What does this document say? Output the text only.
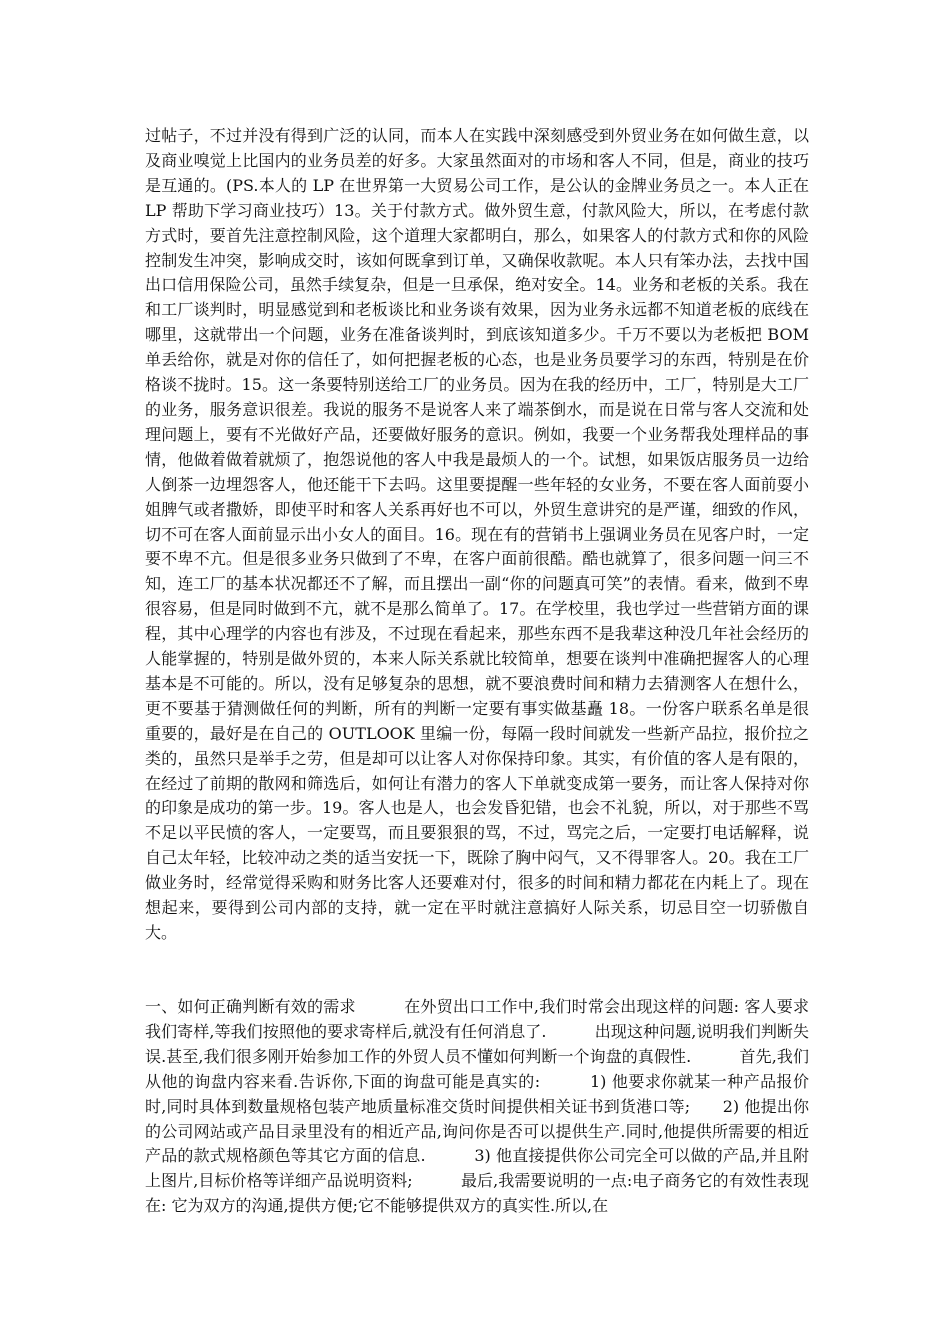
过帖子，不过并没有得到广泛的认同，而本人在实践中深刻感受到外贸业务在如何做生意，以及商业嗅觉上比国内的业务员差的好多。大家虽然面对的市场和客人不同，但是，商业的技巧是互通的。(PS.本人的 LP 在世界第一大贸易公司工作，是公认的金牌业务员之一。本人正在 LP 帮助下学习商业技巧）13。关于付款方式。做外贸生意，付款风险大，所以，在考虑付款方式时，要首先注意控制风险，这个道理大家都明白，那么，如果客人的付款方式和你的风险控制发生冲突，影响成交时，该如何既拿到订单，又确保收款呢。本人只有笨办法，去找中国出口信用保险公司，虽然手续复杂，但是一旦承保，绝对安全。14。业务和老板的关系。我在和工厂谈判时，明显感觉到和老板谈比和业务谈有效果，因为业务永远都不知道老板的底线在哪里，这就带出一个问题，业务在准备谈判时，到底该知道多少。千万不要以为老板把 BOM 单丢给你，就是对你的信任了，如何把握老板的心态，也是业务员要学习的东西，特别是在价格谈不拢时。15。这一条要特别送给工厂的业务员。因为在我的经历中，工厂，特别是大工厂的业务，服务意识很差。我说的服务不是说客人来了端茶倒水，而是说在日常与客人交流和处理问题上，要有不光做好产品，还要做好服务的意识。例如，我要一个业务帮我处理样品的事情，他做着做着就烦了，抱怨说他的客人中我是最烦人的一个。试想，如果饭店服务员一边给人倒茶一边埋怨客人，他还能干下去吗。这里要提醒一些年轻的女业务，不要在客人面前耍小姐脾气或者撒娇，即使平时和客人关系再好也不可以，外贸生意讲究的是严谨，细致的作风，切不可在客人面前显示出小女人的面目。16。现在有的营销书上强调业务员在见客户时，一定要不卑不亢。但是很多业务只做到了不卑，在客户面前很酷。酷也就算了，很多问题一问三不知，连工厂的基本状况都还不了解，而且摆出一副“你的问题真可笑”的表情。看来，做到不卑很容易，但是同时做到不亢，就不是那么简单了。17。在学校里，我也学过一些营销方面的课程，其中心理学的内容也有涉及，不过现在看起来，那些东西不是我辈这种没几年社会经历的人能掌握的，特别是做外贸的，本来人际关系就比较简单，想要在谈判中准确把握客人的心理基本是不可能的。所以，没有足够复杂的思想，就不要浪费时间和精力去猜测客人在想什么，更不要基于猜测做任何的判断，所有的判断一定要有事实做基矗 18。一份客户联系名单是很重要的，最好是在自己的 OUTLOOK 里编一份，每隔一段时间就发一些新产品拉，报价拉之类的，虽然只是举手之劳，但是却可以让客人对你保持印象。其实，有价值的客人是有限的，在经过了前期的散网和筛选后，如何让有潜力的客人下单就变成第一要务，而让客人保持对你的印象是成功的第一步。19。客人也是人，也会发昏犯错，也会不礼貌，所以，对于那些不骂不足以平民愤的客人，一定要骂，而且要狠狠的骂，不过，骂完之后，一定要打电话解释，说自己太年轻，比较冲动之类的适当安抚一下，既除了胸中闷气，又不得罪客人。20。我在工厂做业务时，经常觉得采购和财务比客人还要难对付，很多的时间和精力都花在内耗上了。现在想起来，要得到公司内部的支持，就一定在平时就注意搞好人际关系，切忌目空一切骄傲自大。

一、如何正确判断有效的需求　　　在外贸出口工作中,我们时常会出现这样的问题: 客人要求我们寄样,等我们按照他的要求寄样后,就没有任何消息了.　　　出现这种问题,说明我们判断失误.甚至,我们很多刚开始参加工作的外贸人员不懂如何判断一个询盘的真假性.　　　首先,我们从他的询盘内容来看.告诉你,下面的询盘可能是真实的:　　　1) 他要求你就某一种产品报价时,同时具体到数量规格包装产地质量标准交货时间提供相关证书到货港口等;　　2) 他提出你的公司网站或产品目录里没有的相近产品,询问你是否可以提供生产.同时,他提供所需要的相近产品的款式规格颜色等其它方面的信息.　　　3) 他直接提供你公司完全可以做的产品,并且附上图片,目标价格等详细产品说明资料;　　　最后,我需要说明的一点:电子商务它的有效性表现在: 它为双方的沟通,提供方便;它不能够提供双方的真实性.所以,在
